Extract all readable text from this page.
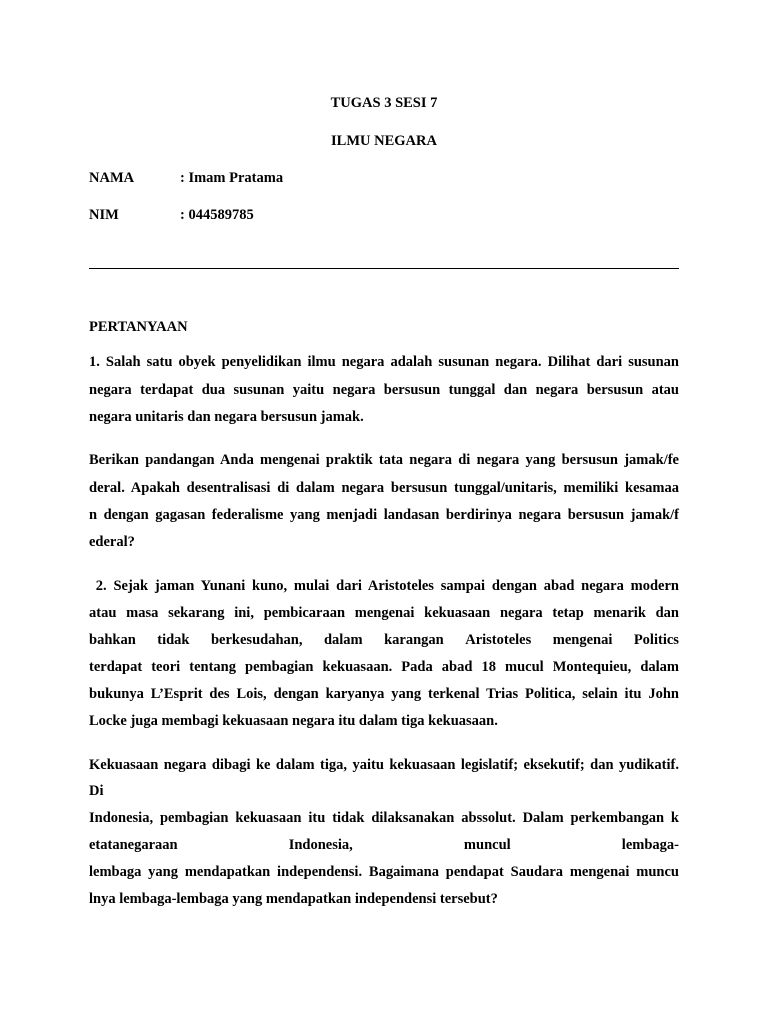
TUGAS 3 SESI 7
ILMU NEGARA
NAMA	: Imam Pratama
NIM	: 044589785
PERTANYAAN
1. Salah satu obyek penyelidikan ilmu negara adalah susunan negara. Dilihat dari susunan
negara terdapat dua susunan yaitu negara bersusun tunggal dan negara bersusun atau
negara unitaris dan negara bersusun jamak.
Berikan pandangan Anda mengenai praktik tata negara di negara yang bersusun jamak/fe
deral. Apakah desentralisasi di dalam negara bersusun tunggal/unitaris, memiliki kesamaa
n dengan gagasan federalisme yang menjadi landasan berdirinya negara bersusun jamak/f
ederal?
2. Sejak jaman Yunani kuno, mulai dari Aristoteles sampai dengan abad negara modern
atau masa sekarang ini, pembicaraan mengenai kekuasaan negara tetap menarik dan
bahkan tidak berkesudahan, dalam karangan Aristoteles mengenai Politics
terdapat teori tentang pembagian kekuasaan. Pada abad 18 mucul Montequieu, dalam
bukunya L’Esprit des Lois, dengan karyanya yang terkenal Trias Politica, selain itu John
Locke juga membagi kekuasaan negara itu dalam tiga kekuasaan.
Kekuasaan negara dibagi ke dalam tiga, yaitu kekuasaan legislatif; eksekutif; dan yudikatif.
Di
Indonesia, pembagian kekuasaan itu tidak dilaksanakan abssolut. Dalam perkembangan k
etatanegaraan	Indonesia,	muncul	lembaga-
lembaga yang mendapatkan independensi. Bagaimana pendapat Saudara mengenai muncu
lnya lembaga-lembaga yang mendapatkan independensi tersebut?
